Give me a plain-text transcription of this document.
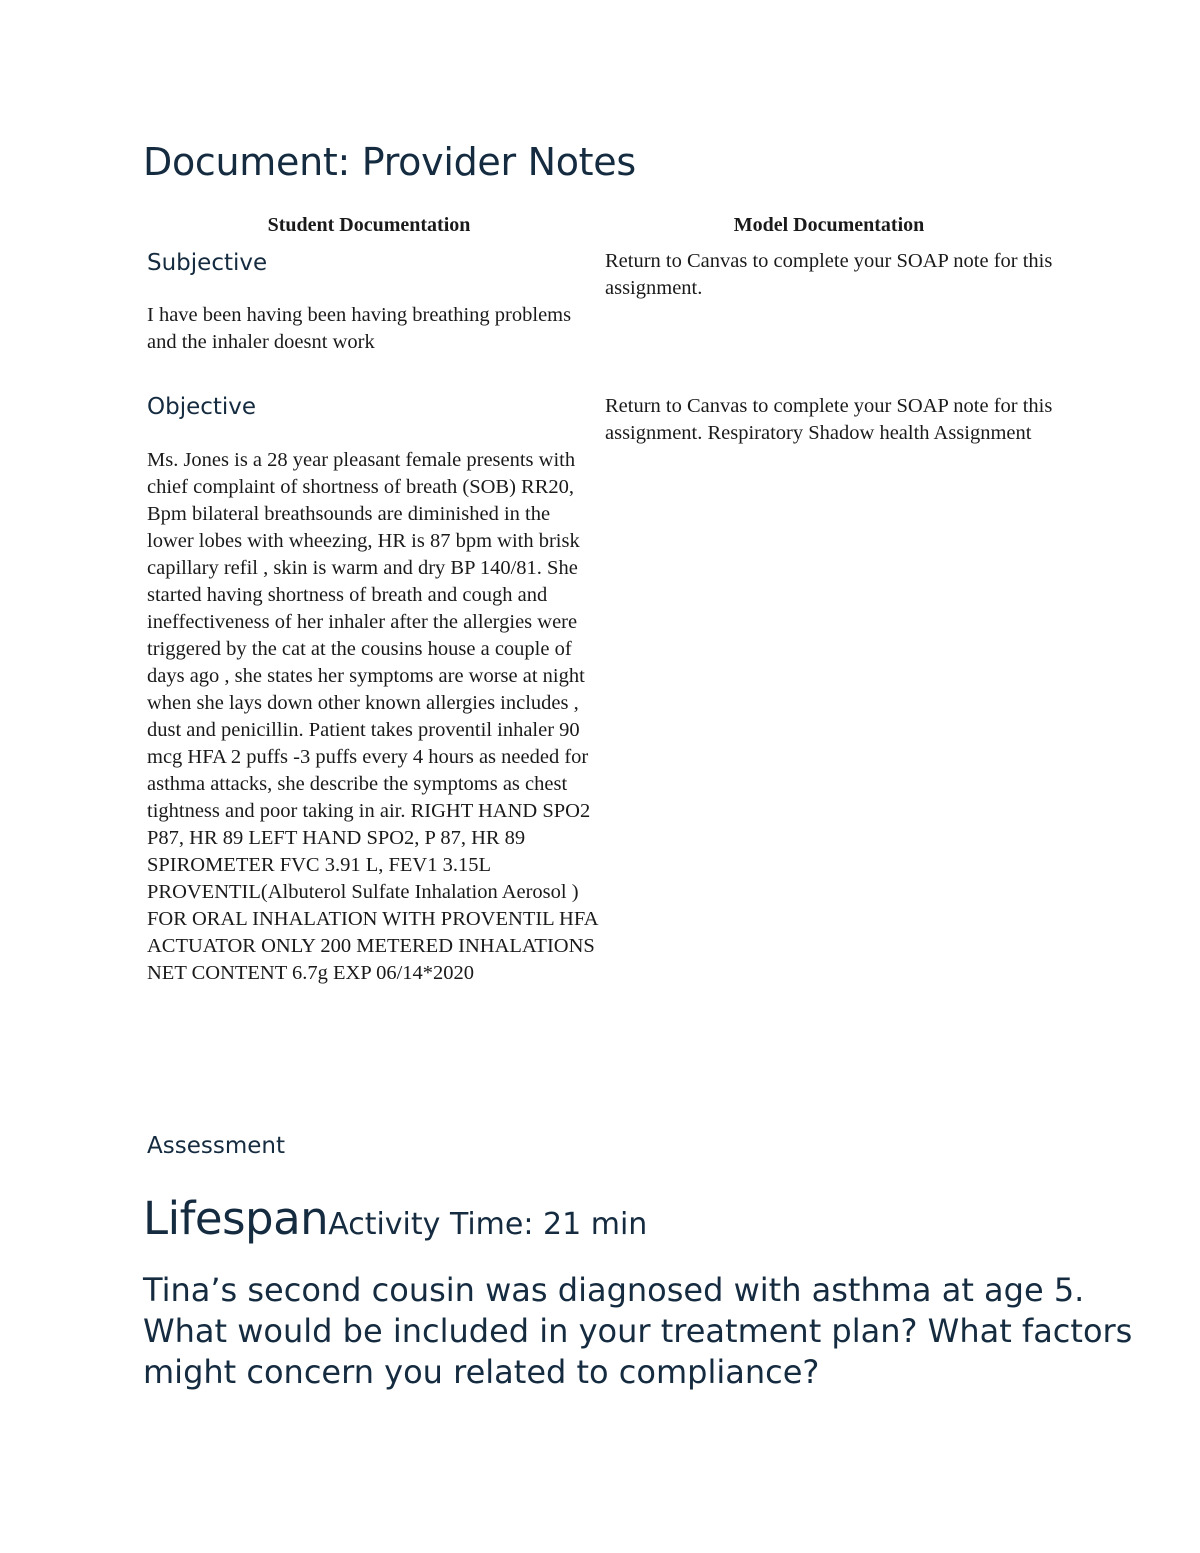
Document: Provider Notes
Student Documentation	Model Documentation
Subjective

I have been having been having breathing problems and the inhaler doesnt work

Return to Canvas to complete your SOAP note for this assignment.

Objective

Ms. Jones is a 28 year pleasant female presents with chief complaint of shortness of breath (SOB) RR20, Bpm bilateral breathsounds are diminished in the lower lobes with wheezing, HR is 87 bpm with brisk capillary refil , skin is warm and dry BP 140/81. She started having shortness of breath and cough and ineffectiveness of her inhaler after the allergies were triggered by the cat at the cousins house a couple of days ago , she states her symptoms are worse at night when she lays down other known allergies includes , dust and penicillin. Patient takes proventil inhaler 90 mcg HFA 2 puffs -3 puffs every 4 hours as needed for asthma attacks, she describe the symptoms as chest tightness and poor taking in air. RIGHT HAND SPO2 P87, HR 89 LEFT HAND SPO2, P 87, HR 89 SPIROMETER FVC 3.91 L, FEV1 3.15L PROVENTIL(Albuterol Sulfate Inhalation Aerosol ) FOR ORAL INHALATION WITH PROVENTIL HFA ACTUATOR ONLY 200 METERED INHALATIONS NET CONTENT 6.7g EXP 06/14*2020

Return to Canvas to complete your SOAP note for this assignment. Respiratory Shadow health Assignment

Assessment
LifespanActivity Time: 21 min

Tina’s second cousin was diagnosed with asthma at age 5. What would be included in your treatment plan? What factors might concern you related to compliance?
